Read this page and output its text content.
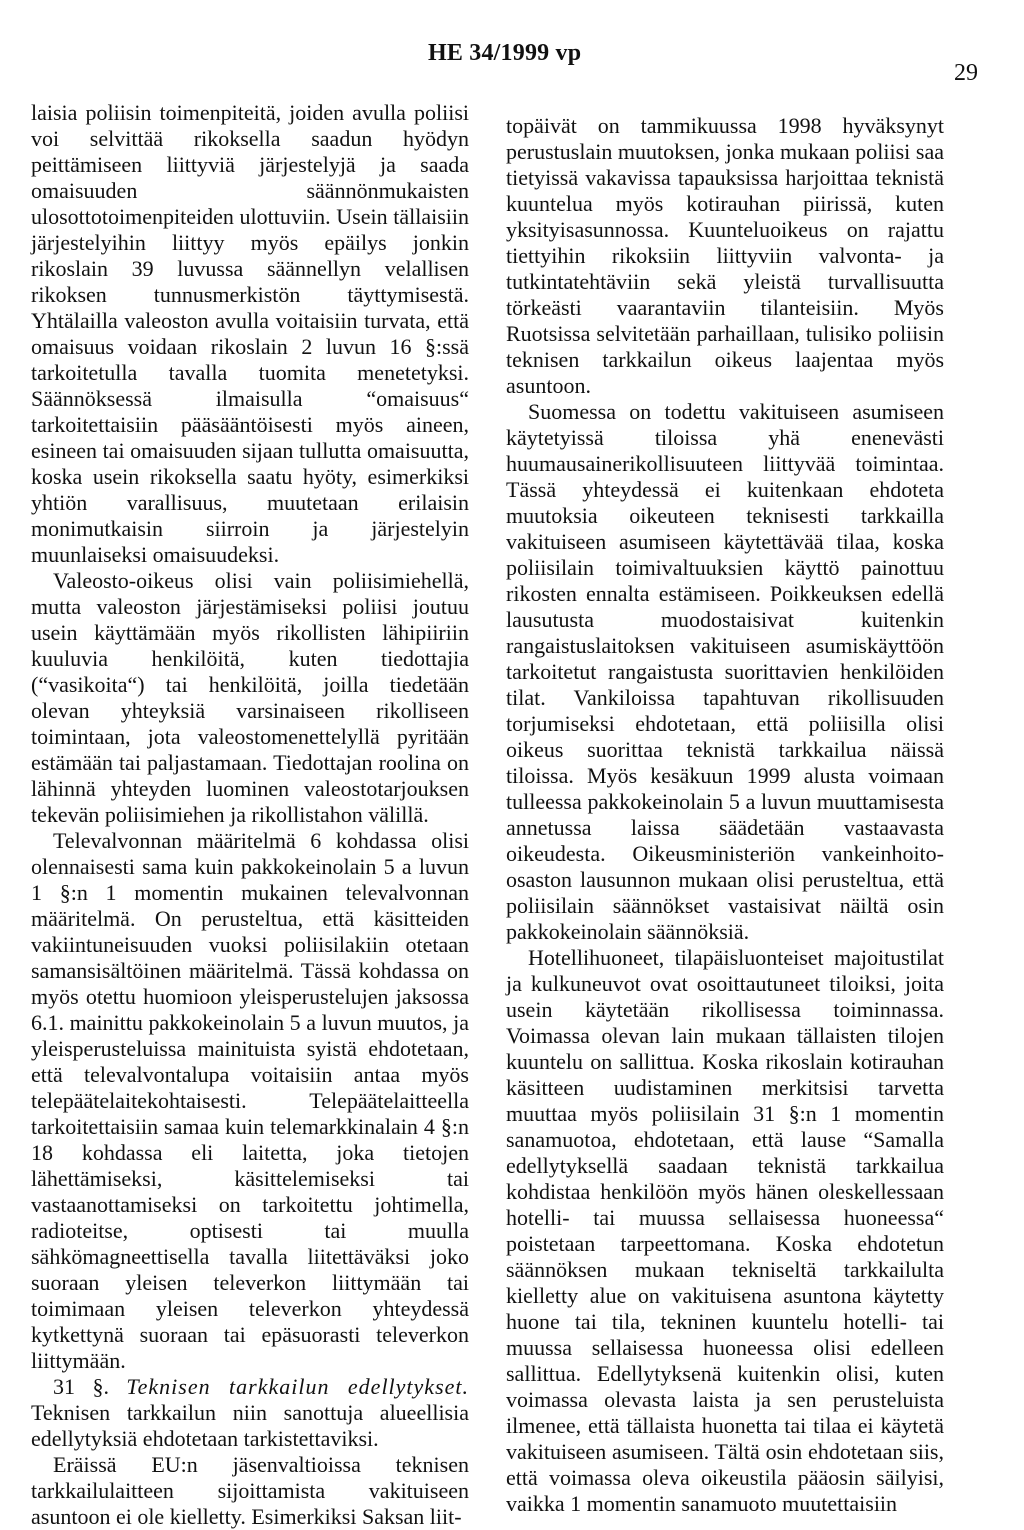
HE 34/1999 vp
29

laisia poliisin toimenpiteitä, joiden avulla poliisi voi selvittää rikoksella saadun hyödyn peittämiseen liittyviä järjestelyjä ja saada omaisuuden säännönmukaisten ulosottotoimenpiteiden ulottuviin. Usein tällaisiin järjestelyihin liittyy myös epäilys jonkin rikoslain 39 luvussa säännellyn velallisen rikoksen tunnusmerkistön täyttymisestä. Yhtälailla valeoston avulla voitaisiin turvata, että omaisuus voidaan rikoslain 2 luvun 16 §:ssä tarkoitetulla tavalla tuomita menetetyksi. Säännöksessä ilmaisulla “omaisuus“ tarkoitettaisiin pääsääntöisesti myös aineen, esineen tai omaisuuden sijaan tullutta omaisuutta, koska usein rikoksella saatu hyöty, esimerkiksi yhtiön varallisuus, muutetaan erilaisin monimutkaisin siirroin ja järjestelyin muunlaiseksi omaisuudeksi.

Valeosto-oikeus olisi vain poliisimiehellä, mutta valeoston järjestämiseksi poliisi joutuu usein käyttämään myös rikollisten lähipiiriin kuuluvia henkilöitä, kuten tiedottajia (“vasikoita“) tai henkilöitä, joilla tiedetään olevan yhteyksiä varsinaiseen rikolliseen toimintaan, jota valeostomenettelyllä pyritään estämään tai paljastamaan. Tiedottajan roolina on lähinnä yhteyden luominen valeostotarjouksen tekevän poliisimiehen ja rikollistahon välillä.

Televalvonnan määritelmä 6 kohdassa olisi olennaisesti sama kuin pakkokeinolain 5 a luvun 1 §:n 1 momentin mukainen televalvonnan määritelmä. On perusteltua, että käsitteiden vakiintuneisuuden vuoksi poliisilakiin otetaan samansisältöinen määritelmä. Tässä kohdassa on myös otettu huomioon yleisperustelujen jaksossa 6.1. mainittu pakkokeinolain 5 a luvun muutos, ja yleisperusteluissa mainituista syistä ehdotetaan, että televalvontalupa voitaisiin antaa myös telepäätelaitekohtaisesti. Telepäätelaitteella tarkoitettaisiin samaa kuin telemarkkinalain 4 §:n 18 kohdassa eli laitetta, joka tietojen lähettämiseksi, käsittelemiseksi tai vastaanottamiseksi on tarkoitettu johtimella, radioteitse, optisesti tai muulla sähkömagneettisella tavalla liitettäväksi joko suoraan yleisen televerkon liittymään tai toimimaan yleisen televerkon yhteydessä kytkettynä suoraan tai epäsuorasti televerkon liittymään.

31 §. Teknisen tarkkailun edellytykset. Teknisen tarkkailun niin sanottuja alueellisia edellytyksiä ehdotetaan tarkistettaviksi.

Eräissä EU:n jäsenvaltioissa teknisen tarkkailulaitteen sijoittamista vakituiseen asuntoon ei ole kielletty. Esimerkiksi Saksan liit-

topäivät on tammikuussa 1998 hyväksynyt perustuslain muutoksen, jonka mukaan poliisi saa tietyissä vakavissa tapauksissa harjoittaa teknistä kuuntelua myös kotirauhan piirissä, kuten yksityisasunnossa. Kuunteluoikeus on rajattu tiettyihin rikoksiin liittyviin valvonta- ja tutkintatehtäviin sekä yleistä turvallisuutta törkeästi vaarantaviin tilanteisiin. Myös Ruotsissa selvitetään parhaillaan, tulisiko poliisin teknisen tarkkailun oikeus laajentaa myös asuntoon.

Suomessa on todettu vakituiseen asumiseen käytetyissä tiloissa yhä enenevästi huumausainerikollisuuteen liittyvää toimintaa. Tässä yhteydessä ei kuitenkaan ehdoteta muutoksia oikeuteen teknisesti tarkkailla vakituiseen asumiseen käytettävää tilaa, koska poliisilain toimivaltuuksien käyttö painottuu rikosten ennalta estämiseen. Poikkeuksen edellä lausutusta muodostaisivat kuitenkin rangaistuslaitoksen vakituiseen asumiskäyttöön tarkoitetut rangaistusta suorittavien henkilöiden tilat. Vankiloissa tapahtuvan rikollisuuden torjumiseksi ehdotetaan, että poliisilla olisi oikeus suorittaa teknistä tarkkailua näissä tiloissa. Myös kesäkuun 1999 alusta voimaan tulleessa pakkokeinolain 5 a luvun muuttamisesta annetussa laissa säädetään vastaavasta oikeudesta. Oikeusministeriön vankeinhoito-osaston lausunnon mukaan olisi perusteltua, että poliisilain säännökset vastaisivat näiltä osin pakkokeinolain säännöksiä.

Hotellihuoneet, tilapäisluonteiset majoitustilat ja kulkuneuvot ovat osoittautuneet tiloiksi, joita usein käytetään rikollisessa toiminnassa. Voimassa olevan lain mukaan tällaisten tilojen kuuntelu on sallittua. Koska rikoslain kotirauhan käsitteen uudistaminen merkitsisi tarvetta muuttaa myös poliisilain 31 §:n 1 momentin sanamuotoa, ehdotetaan, että lause “Samalla edellytyksellä saadaan teknistä tarkkailua kohdistaa henkilöön myös hänen oleskellessaan hotelli- tai muussa sellaisessa huoneessa“ poistetaan tarpeettomana. Koska ehdotetun säännöksen mukaan tekniseltä tarkkailulta kielletty alue on vakituisena asuntona käytetty huone tai tila, tekninen kuuntelu hotelli- tai muussa sellaisessa huoneessa olisi edelleen sallittua. Edellytyksenä kuitenkin olisi, kuten voimassa olevasta laista ja sen perusteluista ilmenee, että tällaista huonetta tai tilaa ei käytetä vakituiseen asumiseen. Tältä osin ehdotetaan siis, että voimassa oleva oikeustila pääosin säilyisi, vaikka 1 momentin sanamuoto muutettaisiin
